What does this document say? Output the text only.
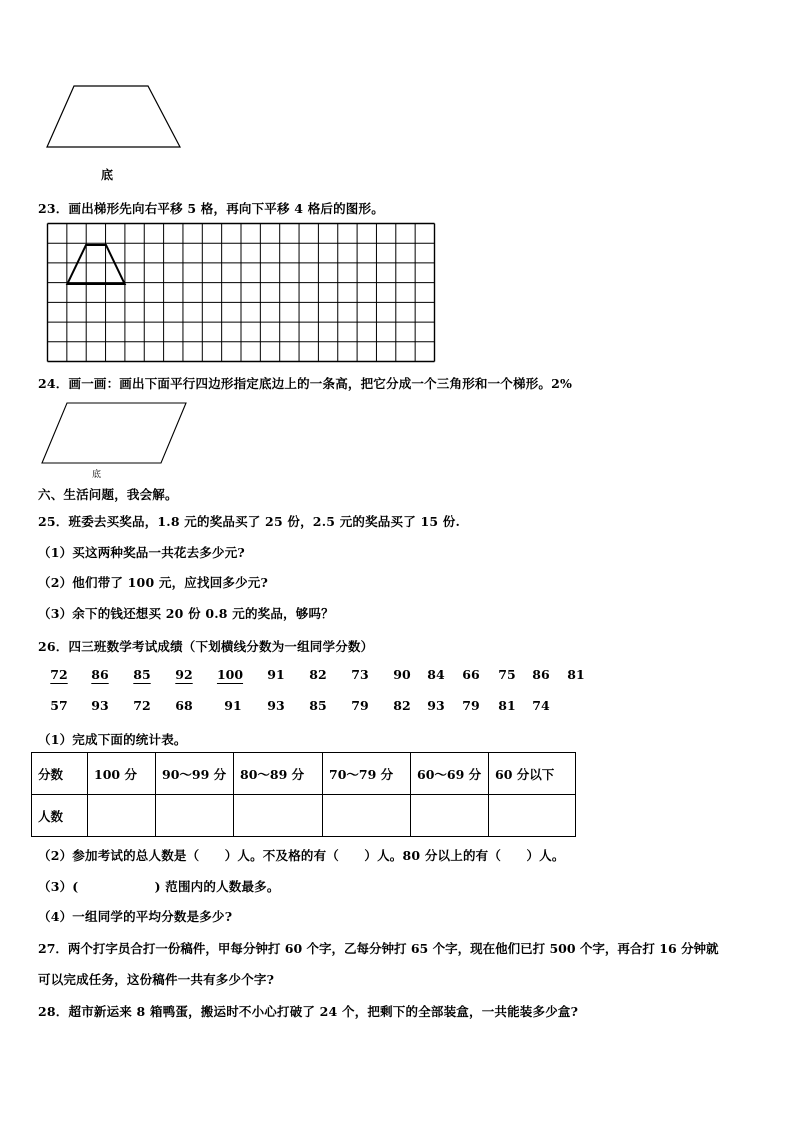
底
23．画出梯形先向右平移 5 格，再向下平移 4 格后的图形。
24．画一画：画出下面平行四边形指定底边上的一条高，把它分成一个三角形和一个梯形。2%
底
六、生活问题，我会解。
25．班委去买奖品，1.8 元的奖品买了 25 份，2.5 元的奖品买了 15 份.
（1）买这两种奖品一共花去多少元?
（2）他们带了 100 元，应找回多少元?
（3）余下的钱还想买 20 份 0.8 元的奖品，够吗？
26．四三班数学考试成绩（下划横线分数为一组同学分数）
72	86	85	92	100	91	82	73	90	84	66	75	86	81
57	93	72	68	91	93	85	79	82	93	79	81	74
（1）完成下面的统计表。
分数	100 分	90～99 分	80～89 分	70～79 分	60～69 分	60 分以下
人数						
（2）参加考试的总人数是（　　）人。不及格的有（　　）人。80 分以上的有（　　）人。
（3）(　　　　　　) 范围内的人数最多。
（4）一组同学的平均分数是多少?
27．两个打字员合打一份稿件，甲每分钟打 60 个字，乙每分钟打 65 个字，现在他们已打 500 个字，再合打 16 分钟就
可以完成任务，这份稿件一共有多少个字?
28．超市新运来 8 箱鸭蛋，搬运时不小心打破了 24 个，把剩下的全部装盒，一共能装多少盒?
